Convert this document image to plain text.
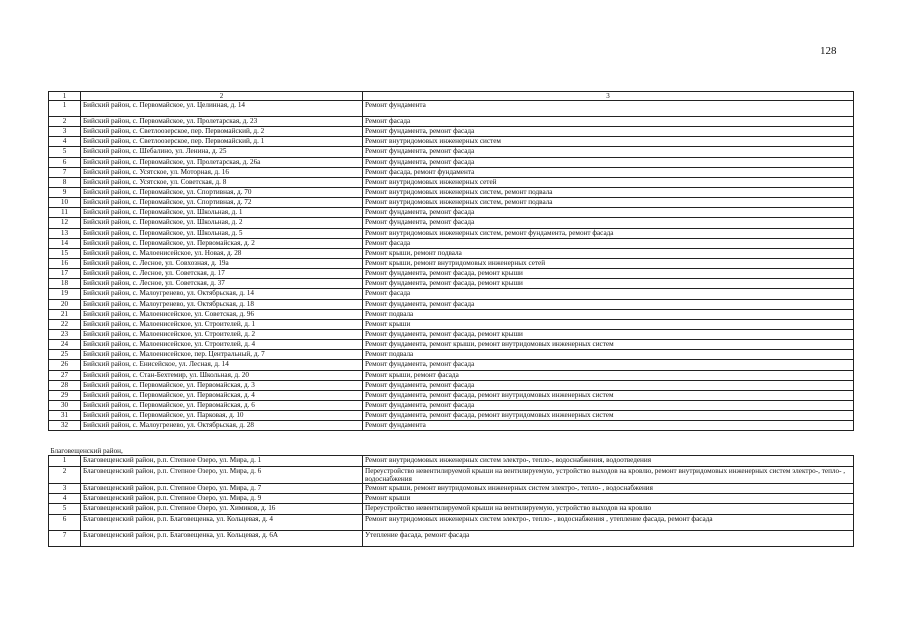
128
1	2	3
1	Бийский район, с. Первомайское, ул. Целинная, д. 14	Ремонт фундамента
2	Бийский район, с. Первомайское, ул. Пролетарская, д. 23	Ремонт фасада
3	Бийский район, с. Светлоозерское, пер. Первомайский, д. 2	Ремонт фундамента, ремонт фасада
4	Бийский район, с. Светлоозерское, пер. Первомайский, д. 1	Ремонт внутридомовых инженерных систем
5	Бийский район, с. Шебалино, ул. Ленина, д. 25	Ремонт фундамента, ремонт фасада
6	Бийский район, с. Первомайское, ул. Пролетарская, д. 26а	Ремонт фундамента, ремонт фасада
7	Бийский район, с. Усятское, ул. Моторная, д. 16	Ремонт фасада, ремонт фундамента
8	Бийский район, с. Усятское, ул. Советская, д. 8	Ремонт внутридомовых инженерных сетей
9	Бийский район, с. Первомайское, ул. Спортивная, д. 70	Ремонт внутридомовых инженерных систем, ремонт подвала
10	Бийский район, с. Первомайское, ул. Спортивная, д. 72	Ремонт внутридомовых инженерных систем, ремонт подвала
11	Бийский район, с. Первомайское, ул. Школьная, д. 1	Ремонт фундамента, ремонт фасада
12	Бийский район, с. Первомайское, ул. Школьная, д. 2	Ремонт фундамента, ремонт фасада
13	Бийский район, с. Первомайское, ул. Школьная, д. 5	Ремонт внутридомовых инженерных систем, ремонт фундамента, ремонт фасада
14	Бийский район, с. Первомайское, ул. Первомайская, д. 2	Ремонт фасада
15	Бийский район, с. Малоенисейское, ул. Новая, д. 28	Ремонт крыши, ремонт подвала
16	Бийский район, с. Лесное, ул. Совхозная, д. 19а	Ремонт крыши, ремонт внутридомовых инженерных сетей
17	Бийский район, с. Лесное, ул. Советская, д. 17	Ремонт фундамента, ремонт фасада, ремонт крыши
18	Бийский район, с. Лесное, ул. Советская, д. 37	Ремонт фундамента, ремонт фасада, ремонт крыши
19	Бийский район, с. Малоугренево, ул. Октябрьская, д. 14	Ремонт фасада
20	Бийский район, с. Малоугренево, ул. Октябрьская, д. 18	Ремонт фундамента, ремонт фасада
21	Бийский район, с. Малоенисейское, ул. Советская, д. 96	Ремонт подвала
22	Бийский район, с. Малоенисейское, ул. Строителей, д. 1	Ремонт крыши
23	Бийский район, с. Малоенисейское, ул. Строителей, д. 2	Ремонт фундамента, ремонт фасада, ремонт крыши
24	Бийский район, с. Малоенисейское, ул. Строителей, д. 4	Ремонт фундамента, ремонт крыши, ремонт внутридомовых инженерных систем
25	Бийский район, с. Малоенисейское, пер. Центральный, д. 7	Ремонт подвала
26	Бийский район, с. Енисейское, ул. Лесная, д. 14	Ремонт фундамента, ремонт фасада
27	Бийский район, с. Стан-Бехтемир, ул. Школьная, д. 20	Ремонт крыши, ремонт фасада
28	Бийский район, с. Первомайское, ул. Первомайская, д. 3	Ремонт фундамента, ремонт фасада
29	Бийский район, с. Первомайское, ул. Первомайская, д. 4	Ремонт фундамента, ремонт фасада, ремонт внутридомовых инженерных систем
30	Бийский район, с. Первомайское, ул. Первомайская, д. 6	Ремонт фундамента, ремонт фасада
31	Бийский район, с. Первомайское, ул. Парковая, д. 10	Ремонт фундамента, ремонт фасада, ремонт внутридомовых инженерных систем
32	Бийский район, с. Малоугренево, ул. Октябрьская, д. 28	Ремонт фундамента
Благовещенский район,		
1	Благовещенский район, р.п. Степное Озеро, ул. Мира, д. 1	Ремонт внутридомовых инженерных систем электро-, тепло-, водоснабжения, водоотведения
2	Благовещенский район, р.п. Степное Озеро, ул. Мира, д. 6	Переустройство невентилируемой крыши на вентилируемую, устройство выходов на кровлю, ремонт внутридомовых инженерных систем электро-, тепло- , водоснабжения
3	Благовещенский район, р.п. Степное Озеро, ул. Мира, д. 7	Ремонт крыши, ремонт внутридомовых инженерных систем электро-, тепло- , водоснабжения
4	Благовещенский район, р.п. Степное Озеро, ул. Мира, д. 9	Ремонт крыши
5	Благовещенский район, р.п. Степное Озеро, ул. Химиков, д. 16	Переустройство невентилируемой крыши на вентилируемую, устройство выходов на кровлю
6	Благовещенский район, р.п. Благовещенка, ул. Кольцевая, д. 4	Ремонт внутридомовых инженерных систем электро-, тепло- , водоснабжения , утепление фасада, ремонт фасада
7	Благовещенский район, р.п. Благовещенка, ул. Кольцевая, д. 6А	Утепление фасада, ремонт фасада
